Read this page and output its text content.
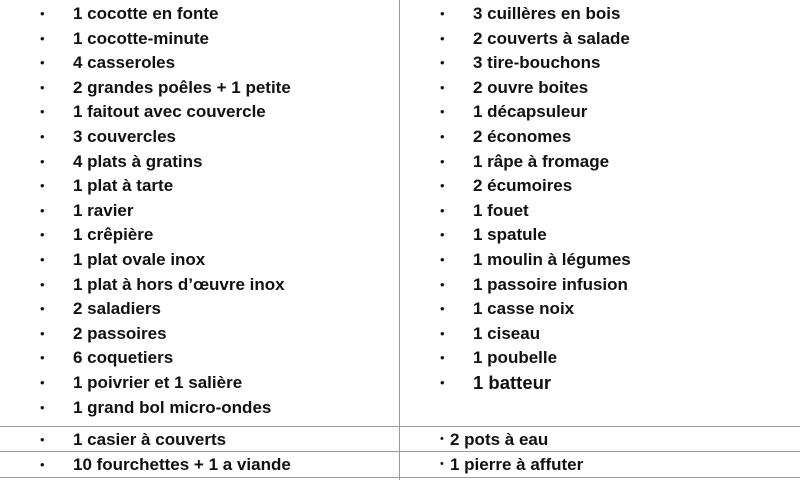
• 1 cocotte en fonte
• 1 cocotte-minute
• 4 casseroles
• 2 grandes poêles + 1 petite
• 1 faitout avec couvercle
• 3 couvercles
• 4 plats à gratins
• 1 plat à tarte
• 1 ravier
• 1 crêpière
• 1 plat ovale inox
• 1 plat à hors d’œuvre inox
• 2 saladiers
• 2 passoires
• 6 coquetiers
• 1 poivrier et 1 salière
• 1 grand bol micro-ondes
• 3 cuillères en bois
• 2 couverts à salade
• 3 tire-bouchons
• 2 ouvre boites
• 1 décapsuleur
• 2 économes
• 1 râpe à fromage
• 2 écumoires
• 1 fouet
• 1 spatule
• 1 moulin à légumes
• 1 passoire infusion
• 1 casse noix
• 1 ciseau
• 1 poubelle
• 1 batteur
• 1 casier à couverts	• 2 pots à eau
• 10 fourchettes + 1 a viande	• 1 pierre à affuter
